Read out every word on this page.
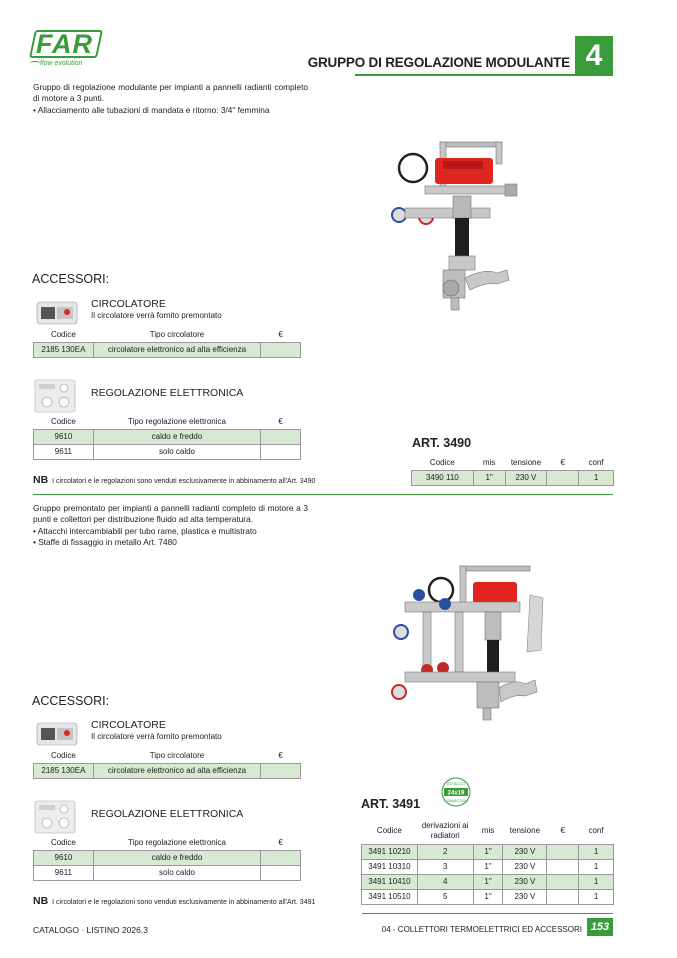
FAR
flow evolution	GRUPPO DI REGOLAZIONE MODULANTE 4
Gruppo di regolazione modulante per impianti a pannelli radianti completo di motore a 3 punti.
• Allacciamento alle tubazioni di mandata e ritorno: 3/4" femmina
ACCESSORI:
CIRCOLATORE
Il circolatore verrà fornito premontato
Codice	Tipo circolatore	€
2185 130EA	circolatore elettronico ad alta efficienza	
REGOLAZIONE ELETTRONICA
Codice	Tipo regolazione elettronica	€
9610	caldo e freddo	
9611	solo caldo	
NB I circolatori e le regolazioni sono venduti esclusivamente in abbinamento all'Art. 3490
ART. 3490
Codice	mis	tensione	€	conf
3490 110	1"	230 V		1
Gruppo premontato per impianti a pannelli radianti completo di motore a 3 punti e collettori per distribuzione fluido ad alta temperatura.
• Attacchi intercambiabili per tubo rame, plastica e multistrato
• Staffe di fissaggio in metallo Art. 7480
ACCESSORI:
CIRCOLATORE
Il circolatore verrà fornito premontato
Codice	Tipo circolatore	€
2185 130EA	circolatore elettronico ad alta efficienza	
REGOLAZIONE ELETTRONICA
Codice	Tipo regolazione elettronica	€
9610	caldo e freddo	
9611	solo caldo	
NB I circolatori e le regolazioni sono venduti esclusivamente in abbinamento all'Art. 3491
ATTACCO
24x19
CONNECTION
ART. 3491
Codice	derivazioni ai radiatori	mis	tensione	€	conf
3491 10210	2	1"	230 V		1
3491 10310	3	1"	230 V		1
3491 10410	4	1"	230 V		1
3491 10510	5	1"	230 V		1
CATALOGO · LISTINO 2026.3	04 - COLLETTORI TERMOELETTRICI ED ACCESSORI 153
